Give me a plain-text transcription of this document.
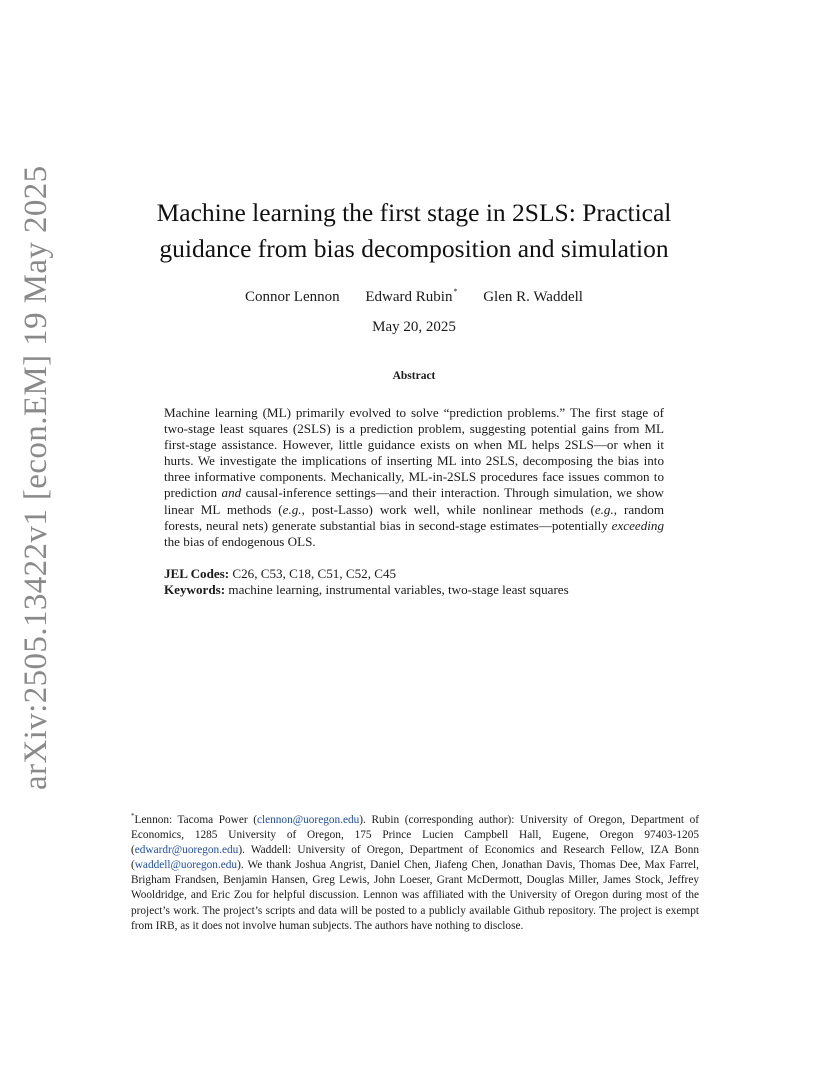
arXiv:2505.13422v1 [econ.EM] 19 May 2025	Machine learning the first stage in 2SLS: Practical
guidance from bias decomposition and simulation
Connor Lennon Edward Rubin* Glen R. Waddell
May 20, 2025
Abstract
Machine learning (ML) primarily evolved to solve “prediction problems.” The first stage of two-stage least squares (2SLS) is a prediction problem, suggesting potential gains from ML first-stage assistance. However, little guidance exists on when ML helps 2SLS—or when it hurts. We investigate the implications of inserting ML into 2SLS, decomposing the bias into three informative components. Mechanically, ML-in-2SLS procedures face issues common to prediction and causal-inference settings—and their interaction. Through simulation, we show linear ML methods (e.g., post-Lasso) work well, while nonlinear methods (e.g., random forests, neural nets) generate substantial bias in second-stage estimates—potentially exceeding the bias of endogenous OLS.
JEL Codes: C26, C53, C18, C51, C52, C45
Keywords: machine learning, instrumental variables, two-stage least squares
*Lennon: Tacoma Power (clennon@uoregon.edu). Rubin (corresponding author): University of Oregon, Department of Economics, 1285 University of Oregon, 175 Prince Lucien Campbell Hall, Eugene, Oregon 97403-1205 (edwardr@uoregon.edu). Waddell: University of Oregon, Department of Economics and Research Fellow, IZA Bonn (waddell@uoregon.edu). We thank Joshua Angrist, Daniel Chen, Jiafeng Chen, Jonathan Davis, Thomas Dee, Max Farrel, Brigham Frandsen, Benjamin Hansen, Greg Lewis, John Loeser, Grant McDermott, Douglas Miller, James Stock, Jeffrey Wooldridge, and Eric Zou for helpful discussion. Lennon was affiliated with the University of Oregon during most of the project’s work. The project’s scripts and data will be posted to a publicly available Github repository. The project is exempt from IRB, as it does not involve human subjects. The authors have nothing to disclose.
